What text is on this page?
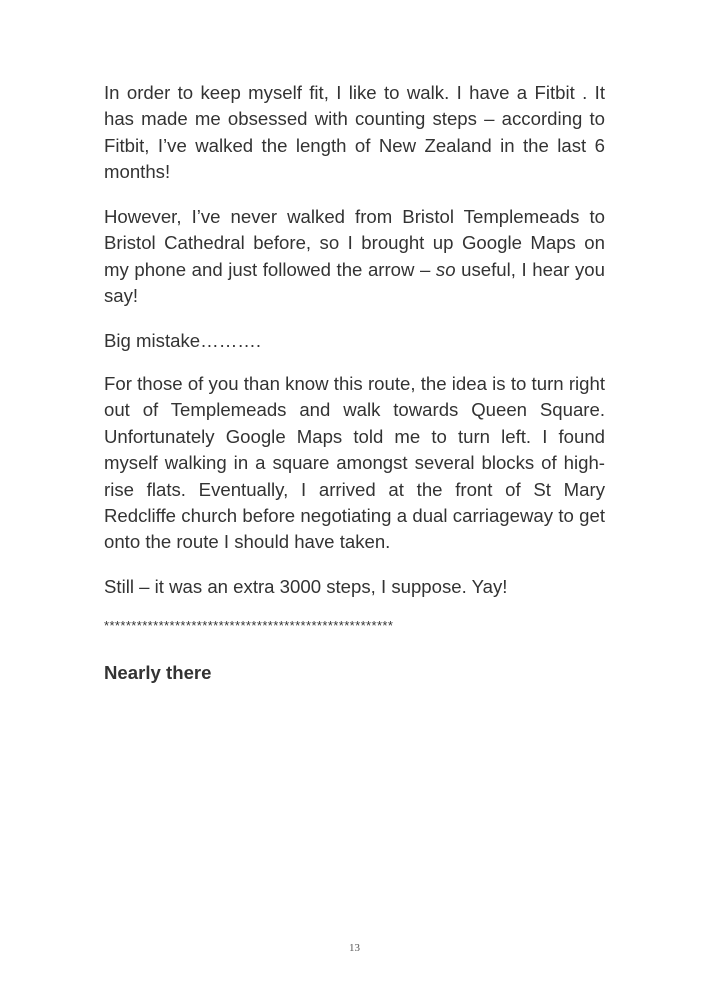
In order to keep myself fit, I like to walk. I have a Fitbit . It has made me obsessed with counting steps – according to Fitbit, I’ve walked the length of New Zealand in the last 6 months!

However, I’ve never walked from Bristol Templemeads to Bristol Cathedral before, so I brought up Google Maps on my phone and just followed the arrow – so useful, I hear you say!

Big mistake……….

For those of you than know this route, the idea is to turn right out of Templemeads and walk towards Queen Square. Unfortunately Google Maps told me to turn left. I found myself walking in a square amongst several blocks of high-rise flats. Eventually, I arrived at the front of St Mary Redcliffe church before negotiating a dual carriageway to get onto the route I should have taken.

Still – it was an extra 3000 steps, I suppose. Yay!

*****************************************************
Nearly there
13
